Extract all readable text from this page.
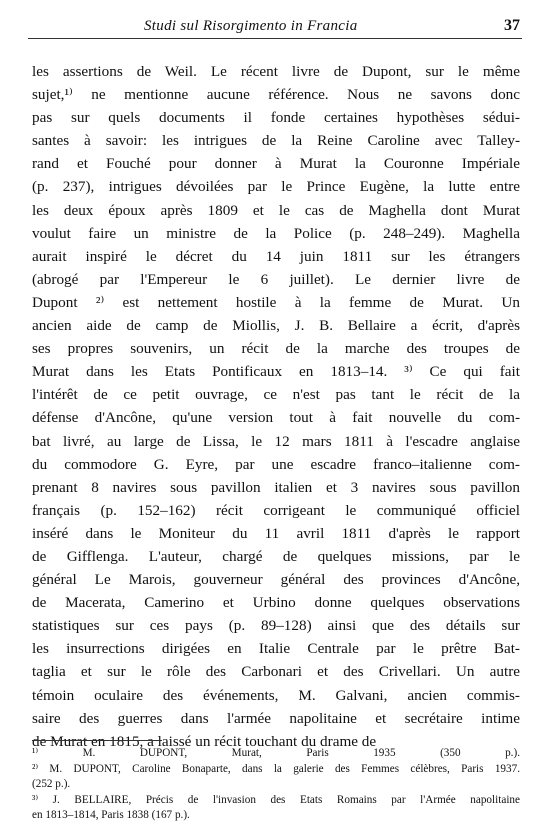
Studi sul Risorgimento in Francia	37
les assertions de Weil. Le récent livre de Dupont, sur le même
sujet,¹⁾ ne mentionne aucune référence. Nous ne savons donc
pas sur quels documents il fonde certaines hypothèses sédui-
santes à savoir: les intrigues de la Reine Caroline avec Talley-
rand et Fouché pour donner à Murat la Couronne Impériale
(p. 237), intrigues dévoilées par le Prince Eugène, la lutte entre
les deux époux après 1809 et le cas de Maghella dont Murat
voulut faire un ministre de la Police (p. 248–249). Maghella
aurait inspiré le décret du 14 juin 1811 sur les étrangers
(abrogé par l'Empereur le 6 juillet). Le dernier livre de
Dupont ²⁾ est nettement hostile à la femme de Murat. Un
ancien aide de camp de Miollis, J. B. Bellaire a écrit, d'après
ses propres souvenirs, un récit de la marche des troupes de
Murat dans les Etats Pontificaux en 1813–14. ³⁾ Ce qui fait
l'intérêt de ce petit ouvrage, ce n'est pas tant le récit de la
défense d'Ancône, qu'une version tout à fait nouvelle du com-
bat livré, au large de Lissa, le 12 mars 1811 à l'escadre anglaise
du commodore G. Eyre, par une escadre franco–italienne com-
prenant 8 navires sous pavillon italien et 3 navires sous pavillon
français (p. 152–162) récit corrigeant le communiqué officiel
inséré dans le Moniteur du 11 avril 1811 d'après le rapport
de Gifflenga. L'auteur, chargé de quelques missions, par le
général Le Marois, gouverneur général des provinces d'Ancône,
de Macerata, Camerino et Urbino donne quelques observations
statistiques sur ces pays (p. 89–128) ainsi que des détails sur
les insurrections dirigées en Italie Centrale par le prêtre Bat-
taglia et sur le rôle des Carbonari et des Crivellari. Un autre
témoin oculaire des événements, M. Galvani, ancien commis-
saire des guerres dans l'armée napolitaine et secrétaire intime
de Murat en 1815, a laissé un récit touchant du drame de
¹⁾ M. DUPONT, Murat, Paris 1935 (350 p.).
²⁾ M. DUPONT, Caroline Bonaparte, dans la galerie des Femmes célèbres, Paris 1937.
(252 p.).
³⁾ J. BELLAIRE, Précis de l'invasion des Etats Romains par l'Armée napolitaine
en 1813–1814, Paris 1838 (167 p.).
